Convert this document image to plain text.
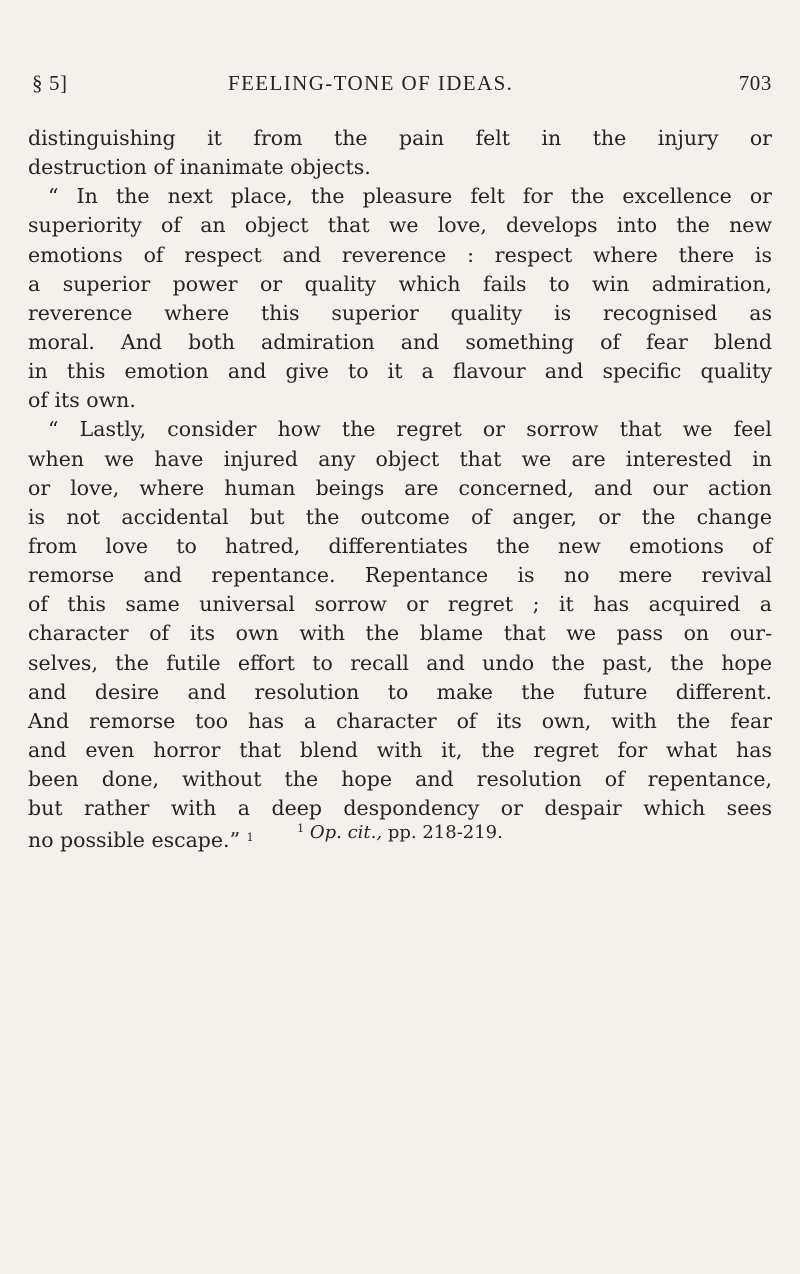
§ 5]	FEELING-TONE OF IDEAS.	703
distinguishing it from the pain felt in the injury or
destruction of inanimate objects.
“ In the next place, the pleasure felt for the excellence or
superiority of an object that we love, develops into the new
emotions of respect and reverence : respect where there is
a superior power or quality which fails to win admiration,
reverence where this superior quality is recognised as
moral. And both admiration and something of fear blend
in this emotion and give to it a flavour and specific quality
of its own.
“ Lastly, consider how the regret or sorrow that we feel
when we have injured any object that we are interested in
or love, where human beings are concerned, and our action
is not accidental but the outcome of anger, or the change
from love to hatred, differentiates the new emotions of
remorse and repentance. Repentance is no mere revival
of this same universal sorrow or regret ; it has acquired a
character of its own with the blame that we pass on our-
selves, the futile effort to recall and undo the past, the hope
and desire and resolution to make the future different.
And remorse too has a character of its own, with the fear
and even horror that blend with it, the regret for what has
been done, without the hope and resolution of repentance,
but rather with a deep despondency or despair which sees
no possible escape.” $^1$
$^1$ Op. cit., pp. 218-219.
